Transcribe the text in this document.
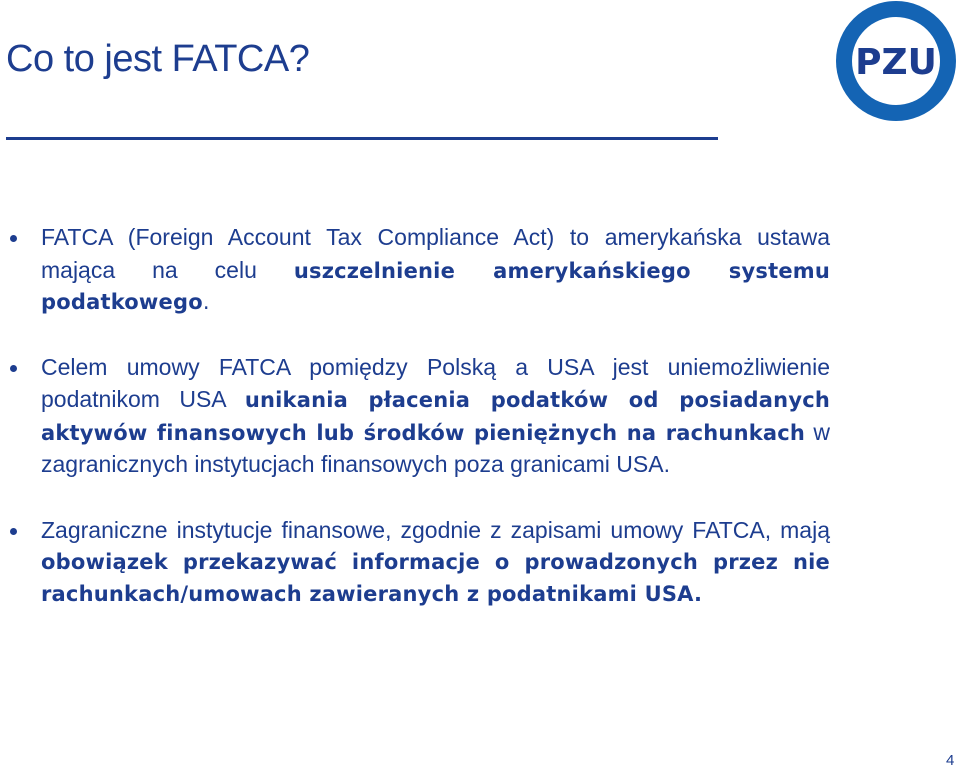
Co to jest FATCA?	PZU
FATCA (Foreign Account Tax Compliance Act) to amerykańska ustawa mająca na celu uszczelnienie amerykańskiego systemu podatkowego.
Celem umowy FATCA pomiędzy Polską a USA jest uniemożliwienie podatnikom USA unikania płacenia podatków od posiadanych aktywów finansowych lub środków pieniężnych na rachunkach w zagranicznych instytucjach finansowych poza granicami USA.
Zagraniczne instytucje finansowe, zgodnie z zapisami umowy FATCA, mają obowiązek przekazywać informacje o prowadzonych przez nie rachunkach/umowach zawieranych z podatnikami USA.
4
